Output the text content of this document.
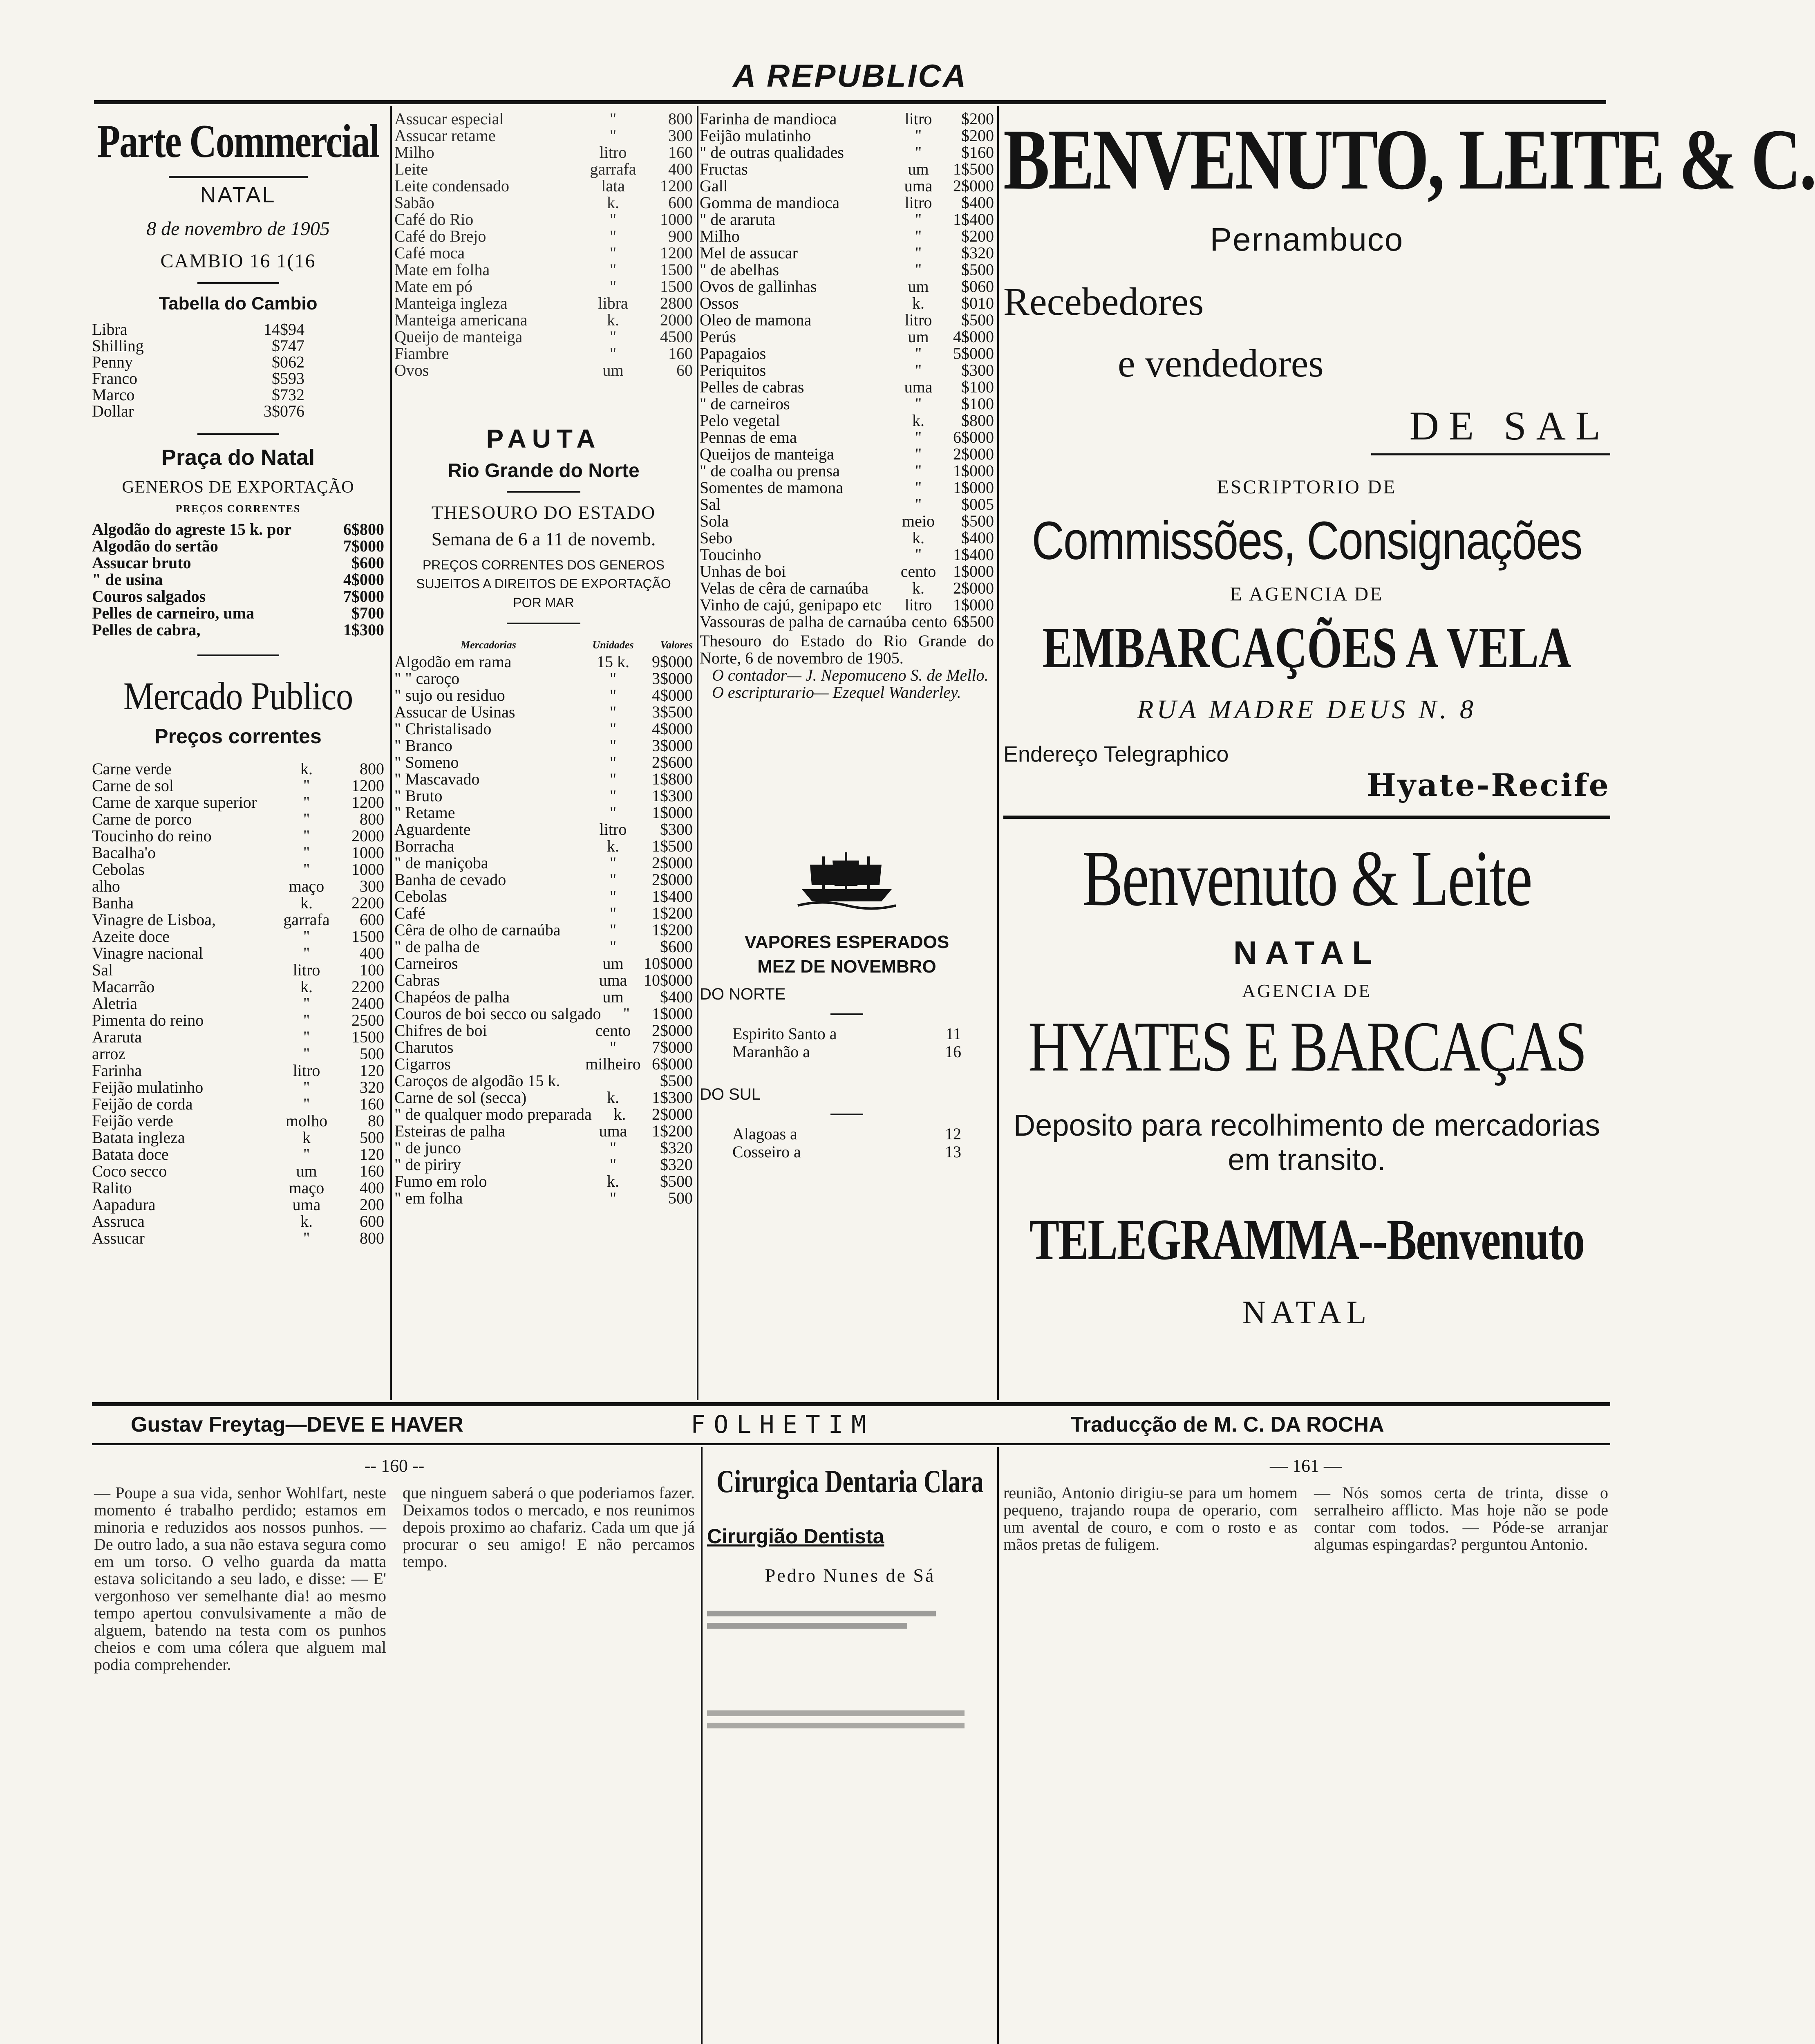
A REPUBLICA
Parte Commercial
NATAL
8 de novembro de 1905
CAMBIO 16 1(16
Tabella do Cambio
Libra	14$94
Shilling	$747
Penny	$062
Franco	$593
Marco	$732
Dollar	3$076
Praça do Natal
GENEROS DE EXPORTAÇÃO
PREÇOS CORRENTES
Algodão do agreste 15 k. por	6$800
Algodão do sertão	7$000
Assucar bruto	$600
" de usina	4$000
Couros salgados	7$000
Pelles de carneiro, uma	$700
Pelles de cabra,	1$300
Mercado Publico
Preços correntes
Carne verde	k.	800
Carne de sol	"	1200
Carne de xarque superior	"	1200
Carne de porco	"	800
Toucinho do reino	"	2000
Bacalha'o	"	1000
Cebolas	"	1000
alho	maço	300
Banha	k.	2200
Vinagre de Lisboa,	garrafa	600
Azeite doce	"	1500
Vinagre nacional	"	400
Sal	litro	100
Macarrão	k.	2200
Aletria	"	2400
Pimenta do reino	"	2500
Araruta	"	1500
arroz	"	500
Farinha	litro	120
Feijão mulatinho	"	320
Feijão de corda	"	160
Feijão verde	molho	80
Batata ingleza	k	500
Batata doce	"	120
Coco secco	um	160
Ralito	maço	400
Aapadura	uma	200
Assruca	k.	600
Assucar	"	800
Assucar especial	"	800
Assucar retame	"	300
Milho	litro	160
Leite	garrafa	400
Leite condensado	lata	1200
Sabão	k.	600
Café do Rio	"	1000
Café do Brejo	"	900
Café moca	"	1200
Mate em folha	"	1500
Mate em pó	"	1500
Manteiga ingleza	libra	2800
Manteiga americana	k.	2000
Queijo de manteiga	"	4500
Fiambre	"	160
Ovos	um	60
PAUTA
Rio Grande do Norte
THESOURO DO ESTADO
Semana de 6 a 11 de novemb.
PREÇOS CORRENTES DOS GENEROS SUJEITOS A DIREITOS DE EXPORTAÇÃO POR MAR
Mercadorias	Unidades	Valores
Algodão em rama	15 k.	9$000
" " caroço	"	3$000
" sujo ou residuo	"	4$000
Assucar de Usinas	"	3$500
" Christalisado	"	4$000
" Branco	"	3$000
" Someno	"	2$600
" Mascavado	"	1$800
" Bruto	"	1$300
" Retame	"	1$000
Aguardente	litro	$300
Borracha	k.	1$500
" de maniçoba	"	2$000
Banha de cevado	"	2$000
Cebolas	"	1$400
Café	"	1$200
Cêra de olho de carnaúba	"	1$200
" de palha de	"	$600
Carneiros	um	10$000
Cabras	uma	10$000
Chapéos de palha	um	$400
Couros de boi secco ou salgado	"	1$000
Chifres de boi	cento	2$000
Charutos	"	7$000
Cigarros	milheiro 6$000
Caroços de algodão 15 k.	$500
Carne de sol (secca)	k.	1$300
" de qualquer modo preparada	k.	2$000
Esteiras de palha	uma	1$200
" de junco	"	$320
" de piriry	"	$320
Fumo em rolo	k.	$500
" em folha	"	500
Farinha de mandioca	litro	$200
Feijão mulatinho	"	$200
" de outras qualidades	"	$160
Fructas	um	1$500
Gall	uma	2$000
Gomma de mandioca	litro	$400
" de araruta	"	1$400
Milho	"	$200
Mel de assucar	"	$320
" de abelhas	"	$500
Ovos de gallinhas	um	$060
Ossos	k.	$010
Oleo de mamona	litro	$500
Perús	um	4$000
Papagaios	"	5$000
Periquitos	"	$300
Pelles de cabras	uma	$100
" de carneiros	"	$100
Pelo vegetal	k.	$800
Pennas de ema	"	6$000
Queijos de manteiga	"	2$000
" de coalha ou prensa	"	1$000
Somentes de mamona	"	1$000
Sal	"	$005
Sola	meio	$500
Sebo	k.	$400
Toucinho	"	1$400
Unhas de boi	cento	1$000
Velas de cêra de carnaúba	k.	2$000
Vinho de cajú, genipapo etc	litro	1$000
Vassouras de palha de carnaúba cento 6$500
Thesouro do Estado do Rio Grande do Norte, 6 de novembro de 1905.
O contador— J. Nepomuceno S. de Mello.
O escripturario— Ezequel Wanderley.
VAPORES ESPERADOS
MEZ DE NOVEMBRO
DO NORTE
Espirito Santo a	11
Maranhão a	16
DO SUL
Alagoas a	12
Cosseiro a	13
BENVENUTO, LEITE & C.
Pernambuco
Recebedores
e vendedores
DE SAL
ESCRIPTORIO DE
Commissões, Consignações
E AGENCIA DE
EMBARCAÇÕES A VELA
RUA MADRE DEUS N. 8
Endereço Telegraphico
Hyate-Recife
Benvenuto & Leite
NATAL
AGENCIA DE
HYATES E BARCAÇAS
Deposito para recolhimento de mercadorias em transito.
TELEGRAMMA--Benvenuto
NATAL
Gustav Freytag—DEVE E HAVER	FOLHETIM	Traducção de M. C. DA ROCHA
-- 160 --
— Poupe a sua vida, senhor Wohlfart, neste momento é trabalho perdido; estamos em minoria e reduzidos aos nossos punhos. — De outro lado, a sua não estava segura como em um torso. O velho guarda da matta estava solicitando a seu lado, e disse: — E' vergonhoso ver semelhante dia! ao mesmo tempo apertou convulsivamente a mão de alguem, batendo na testa com os punhos cheios e com uma cólera que alguem mal podia comprehender.
que ninguem saberá o que poderiamos fazer. Deixamos todos o mercado, e nos reunimos depois proximo ao chafariz. Cada um que já procurar o seu amigo! E não percamos tempo.
Cirurgica Dentaria Clara
Cirurgião Dentista
Pedro Nunes de Sá
— 161 —
reunião, Antonio dirigiu-se para um homem pequeno, trajando roupa de operario, com um avental de couro, e com o rosto e as mãos pretas de fuligem.
— Nós somos certa de trinta, disse o serralheiro afflicto. Mas hoje não se pode contar com todos. — Póde-se arranjar algumas espingardas? perguntou Antonio.
